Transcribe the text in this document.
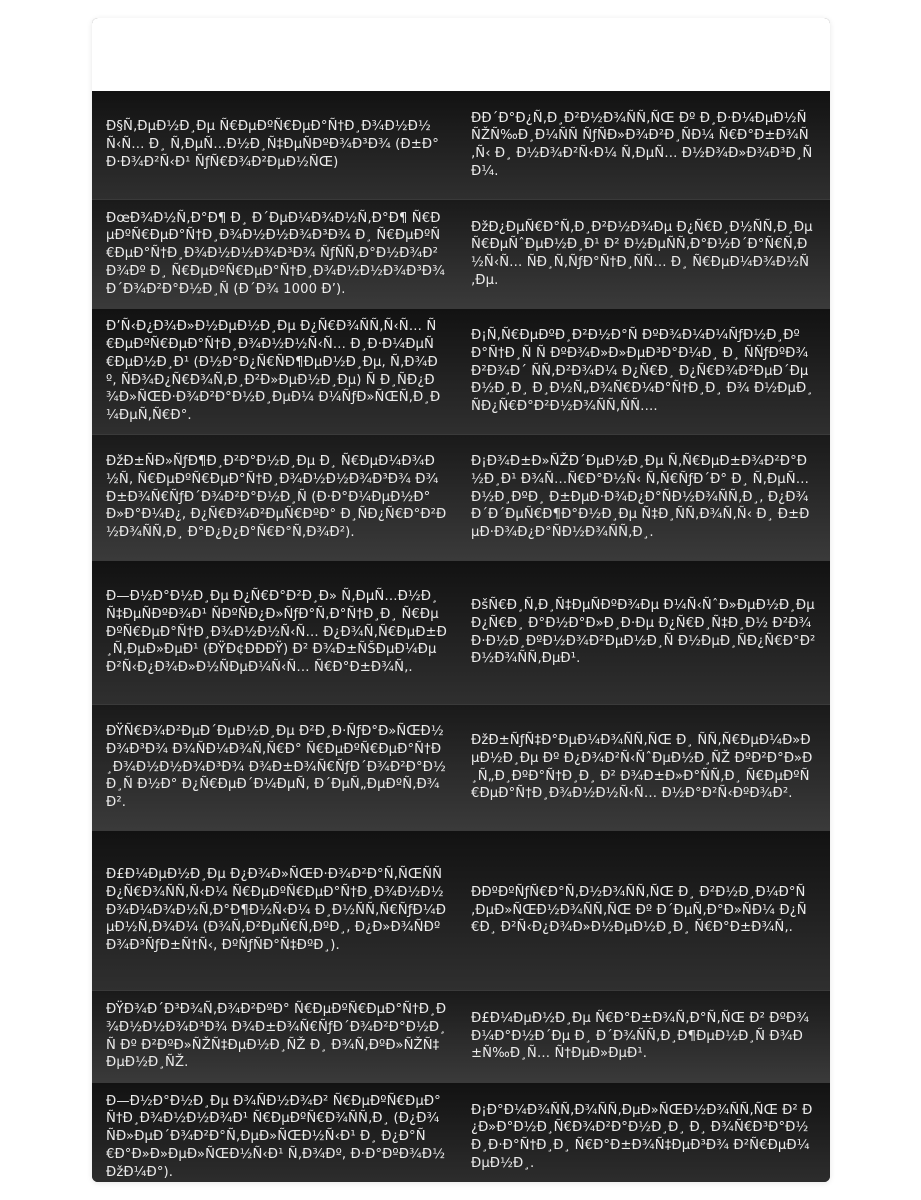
Ð§Ñ‚ÐµÐ½Ð¸Ðµ Ñ€ÐµÐºÑ€ÐµÐ°Ñ†Ð¸Ð¾Ð½Ð½Ñ‹Ñ… Ð¸ Ñ‚ÐµÑ…Ð½Ð¸Ñ‡ÐµÑÐºÐ¾Ð³Ð¾ (Ð±Ð°Ð·Ð¾Ð²Ñ‹Ð¹ ÑƒÑ€Ð¾Ð²ÐµÐ½ÑŒ)
ÐÐ´Ð°Ð¿Ñ‚Ð¸Ð²Ð½Ð¾ÑÑ‚ÑŒ Ðº Ð¸Ð·Ð¼ÐµÐ½ÑÑŽÑ‰Ð¸Ð¼ÑÑ ÑƒÑÐ»Ð¾Ð²Ð¸ÑÐ¼ Ñ€Ð°Ð±Ð¾Ñ‚Ñ‹ Ð¸ Ð½Ð¾Ð²Ñ‹Ð¼ Ñ‚ÐµÑ… Ð½Ð¾Ð»Ð¾Ð³Ð¸ÑÐ¼.
ÐœÐ¾Ð½Ñ‚Ð°Ð¶ Ð¸ Ð´ÐµÐ¼Ð¾Ð½Ñ‚Ð°Ð¶ Ñ€ÐµÐºÑ€ÐµÐ°Ñ†Ð¸Ð¾Ð½Ð½Ð¾Ð³Ð¾ Ð¸ Ñ€ÐµÐºÑ€ÐµÐ°Ñ†Ð¸Ð¾Ð½Ð½Ð¾Ð³Ð¾ ÑƒÑÑ‚Ð°Ð½Ð¾Ð²Ð¾Ðº Ð¸ Ñ€ÐµÐºÑ€ÐµÐ°Ñ†Ð¸Ð¾Ð½Ð½Ð¾Ð³Ð¾ Ð´Ð¾Ð²Ð°Ð½Ð¸Ñ (Ð´Ð¾ 1000 Ð’).
ÐžÐ¿ÐµÑ€Ð°Ñ‚Ð¸Ð²Ð½Ð¾Ðµ Ð¿Ñ€Ð¸Ð½ÑÑ‚Ð¸Ðµ Ñ€ÐµÑˆÐµÐ½Ð¸Ð¹ Ð² Ð½ÐµÑÑ‚Ð°Ð½Ð´Ð°Ñ€Ñ‚Ð½Ñ‹Ñ… ÑÐ¸Ñ‚ÑƒÐ°Ñ†Ð¸ÑÑ… Ð¸ Ñ€ÐµÐ¼Ð¾Ð½Ñ‚Ðµ.
Ð’Ñ‹Ð¿Ð¾Ð»Ð½ÐµÐ½Ð¸Ðµ Ð¿Ñ€Ð¾ÑÑ‚Ñ‹Ñ… Ñ€ÐµÐºÑ€ÐµÐ°Ñ†Ð¸Ð¾Ð½Ð½Ñ‹Ñ… Ð¸Ð·Ð¼ÐµÑ€ÐµÐ½Ð¸Ð¹ (Ð½Ð°Ð¿Ñ€ÑÐ¶ÐµÐ½Ð¸Ðµ, Ñ‚Ð¾Ðº, ÑÐ¾Ð¿Ñ€Ð¾Ñ‚Ð¸Ð²Ð»ÐµÐ½Ð¸Ðµ) Ñ Ð¸ÑÐ¿Ð¾Ð»ÑŒÐ·Ð¾Ð²Ð°Ð½Ð¸ÐµÐ¼ Ð¼ÑƒÐ»ÑŒÑ‚Ð¸Ð¼ÐµÑ‚Ñ€Ð°.
Ð¡Ñ‚Ñ€ÐµÐºÐ¸Ð²Ð½Ð°Ñ ÐºÐ¾Ð¼Ð¼ÑƒÐ½Ð¸ÐºÐ°Ñ†Ð¸Ñ Ñ ÐºÐ¾Ð»Ð»ÐµÐ³Ð°Ð¼Ð¸ Ð¸ ÑÑƒÐºÐ¾Ð²Ð¾Ð´ ÑÑ‚Ð²Ð¾Ð¼ Ð¿Ñ€Ð¸ Ð¿Ñ€Ð¾Ð²ÐµÐ´ÐµÐ½Ð¸Ð¸ Ð¸Ð½Ñ„Ð¾Ñ€Ð¼Ð°Ñ†Ð¸Ð¸ Ð¾ Ð½ÐµÐ¸ÑÐ¿Ñ€Ð°Ð²Ð½Ð¾ÑÑ‚ÑÑ….
ÐžÐ±ÑÐ»ÑƒÐ¶Ð¸Ð²Ð°Ð½Ð¸Ðµ Ð¸ Ñ€ÐµÐ¼Ð¾Ð½Ñ‚ Ñ€ÐµÐºÑ€ÐµÐ°Ñ†Ð¸Ð¾Ð½Ð½Ð¾Ð³Ð¾ Ð¾Ð±Ð¾Ñ€ÑƒÐ´Ð¾Ð²Ð°Ð½Ð¸Ñ (Ð·Ð°Ð¼ÐµÐ½Ð° Ð»Ð°Ð¼Ð¿, Ð¿Ñ€Ð¾Ð²ÐµÑ€ÐºÐ° Ð¸ÑÐ¿Ñ€Ð°Ð²Ð½Ð¾ÑÑ‚Ð¸ Ð°Ð¿Ð¿Ð°Ñ€Ð°Ñ‚Ð¾Ð²).
Ð¡Ð¾Ð±Ð»ÑŽÐ´ÐµÐ½Ð¸Ðµ Ñ‚Ñ€ÐµÐ±Ð¾Ð²Ð°Ð½Ð¸Ð¹ Ð¾Ñ…Ñ€Ð°Ð½Ñ‹ Ñ‚Ñ€ÑƒÐ´Ð° Ð¸ Ñ‚ÐµÑ…Ð½Ð¸ÐºÐ¸ Ð±ÐµÐ·Ð¾Ð¿Ð°ÑÐ½Ð¾ÑÑ‚Ð¸, Ð¿Ð¾Ð´Ð´ÐµÑ€Ð¶Ð°Ð½Ð¸Ðµ Ñ‡Ð¸ÑÑ‚Ð¾Ñ‚Ñ‹ Ð¸ Ð±ÐµÐ·Ð¾Ð¿Ð°ÑÐ½Ð¾ÑÑ‚Ð¸.
Ð—Ð½Ð°Ð½Ð¸Ðµ Ð¿Ñ€Ð°Ð²Ð¸Ð» Ñ‚ÐµÑ…Ð½Ð¸Ñ‡ÐµÑÐºÐ¾Ð¹ ÑÐºÑÐ¿Ð»ÑƒÐ°Ñ‚Ð°Ñ†Ð¸Ð¸ Ñ€ÐµÐºÑ€ÐµÐ°Ñ†Ð¸Ð¾Ð½Ð½Ñ‹Ñ… Ð¿Ð¾Ñ‚Ñ€ÐµÐ±Ð¸Ñ‚ÐµÐ»ÐµÐ¹ (ÐŸÐ¢ÐÐÐŸ) Ð² Ð¾Ð±ÑŠÐµÐ¼Ðµ Ð²Ñ‹Ð¿Ð¾Ð»Ð½ÑÐµÐ¼Ñ‹Ñ… Ñ€Ð°Ð±Ð¾Ñ‚.
ÐšÑ€Ð¸Ñ‚Ð¸Ñ‡ÐµÑÐºÐ¾Ðµ Ð¼Ñ‹ÑˆÐ»ÐµÐ½Ð¸Ðµ Ð¿Ñ€Ð¸ Ð°Ð½Ð°Ð»Ð¸Ð·Ðµ Ð¿Ñ€Ð¸Ñ‡Ð¸Ð½ Ð²Ð¾Ð·Ð½Ð¸ÐºÐ½Ð¾Ð²ÐµÐ½Ð¸Ñ Ð½ÐµÐ¸ÑÐ¿Ñ€Ð°Ð²Ð½Ð¾ÑÑ‚ÐµÐ¹.
ÐŸÑ€Ð¾Ð²ÐµÐ´ÐµÐ½Ð¸Ðµ Ð²Ð¸Ð·ÑƒÐ°Ð»ÑŒÐ½Ð¾Ð³Ð¾ Ð¾ÑÐ¼Ð¾Ñ‚Ñ€Ð° Ñ€ÐµÐºÑ€ÐµÐ°Ñ†Ð¸Ð¾Ð½Ð½Ð¾Ð³Ð¾ Ð¾Ð±Ð¾Ñ€ÑƒÐ´Ð¾Ð²Ð°Ð½Ð¸Ñ Ð½Ð° Ð¿Ñ€ÐµÐ´Ð¼ÐµÑ‚ Ð´ÐµÑ„ÐµÐºÑ‚Ð¾Ð².
ÐžÐ±ÑƒÑ‡Ð°ÐµÐ¼Ð¾ÑÑ‚ÑŒ Ð¸ ÑÑ‚Ñ€ÐµÐ¼Ð»ÐµÐ½Ð¸Ðµ Ðº Ð¿Ð¾Ð²Ñ‹ÑˆÐµÐ½Ð¸ÑŽ ÐºÐ²Ð°Ð»Ð¸Ñ„Ð¸ÐºÐ°Ñ†Ð¸Ð¸ Ð² Ð¾Ð±Ð»Ð°ÑÑ‚Ð¸ Ñ€ÐµÐºÑ€ÐµÐ°Ñ†Ð¸Ð¾Ð½Ð½Ñ‹Ñ… Ð½Ð°Ð²Ñ‹ÐºÐ¾Ð².
Ð£Ð¼ÐµÐ½Ð¸Ðµ Ð¿Ð¾Ð»ÑŒÐ·Ð¾Ð²Ð°Ñ‚ÑŒÑÑ Ð¿Ñ€Ð¾ÑÑ‚Ñ‹Ð¼ Ñ€ÐµÐºÑ€ÐµÐ°Ñ†Ð¸Ð¾Ð½Ð½Ð¾Ð¼Ð¾Ð½Ñ‚Ð°Ð¶Ð½Ñ‹Ð¼ Ð¸Ð½ÑÑ‚Ñ€ÑƒÐ¼ÐµÐ½Ñ‚Ð¾Ð¼ (Ð¾Ñ‚Ð²ÐµÑ€Ñ‚ÐºÐ¸, Ð¿Ð»Ð¾ÑÐºÐ¾Ð³ÑƒÐ±Ñ†Ñ‹, ÐºÑƒÑÐ°Ñ‡ÐºÐ¸).
ÐÐºÐºÑƒÑ€Ð°Ñ‚Ð½Ð¾ÑÑ‚ÑŒ Ð¸ Ð²Ð½Ð¸Ð¼Ð°Ñ‚ÐµÐ»ÑŒÐ½Ð¾ÑÑ‚ÑŒ Ðº Ð´ÐµÑ‚Ð°Ð»ÑÐ¼ Ð¿Ñ€Ð¸ Ð²Ñ‹Ð¿Ð¾Ð»Ð½ÐµÐ½Ð¸Ð¸ Ñ€Ð°Ð±Ð¾Ñ‚.
ÐŸÐ¾Ð´Ð³Ð¾Ñ‚Ð¾Ð²ÐºÐ° Ñ€ÐµÐºÑ€ÐµÐ°Ñ†Ð¸Ð¾Ð½Ð½Ð¾Ð³Ð¾ Ð¾Ð±Ð¾Ñ€ÑƒÐ´Ð¾Ð²Ð°Ð½Ð¸Ñ Ðº Ð²ÐºÐ»ÑŽÑ‡ÐµÐ½Ð¸ÑŽ Ð¸ Ð¾Ñ‚ÐºÐ»ÑŽÑ‡ÐµÐ½Ð¸ÑŽ.
Ð£Ð¼ÐµÐ½Ð¸Ðµ Ñ€Ð°Ð±Ð¾Ñ‚Ð°Ñ‚ÑŒ Ð² ÐºÐ¾Ð¼Ð°Ð½Ð´Ðµ Ð¸ Ð´Ð¾ÑÑ‚Ð¸Ð¶ÐµÐ½Ð¸Ñ Ð¾Ð±Ñ‰Ð¸Ñ… Ñ†ÐµÐ»ÐµÐ¹.
Ð—Ð½Ð°Ð½Ð¸Ðµ Ð¾ÑÐ½Ð¾Ð² Ñ€ÐµÐºÑ€ÐµÐ°Ñ†Ð¸Ð¾Ð½Ð½Ð¾Ð¹ Ñ€ÐµÐºÑ€Ð¾ÑÑ‚Ð¸ (Ð¿Ð¾ÑÐ»ÐµÐ´Ð¾Ð²Ð°Ñ‚ÐµÐ»ÑŒÐ½Ñ‹Ð¹ Ð¸ Ð¿Ð°Ñ€Ð°Ð»Ð»ÐµÐ»ÑŒÐ½Ñ‹Ð¹ Ñ‚Ð¾Ðº, Ð·Ð°ÐºÐ¾Ð½ ÐžÐ¼Ð°).
Ð¡Ð°Ð¼Ð¾ÑÑ‚Ð¾ÑÑ‚ÐµÐ»ÑŒÐ½Ð¾ÑÑ‚ÑŒ Ð² Ð¿Ð»Ð°Ð½Ð¸Ñ€Ð¾Ð²Ð°Ð½Ð¸Ð¸ Ð¸ Ð¾Ñ€Ð³Ð°Ð½Ð¸Ð·Ð°Ñ†Ð¸Ð¸ Ñ€Ð°Ð±Ð¾Ñ‡ÐµÐ³Ð¾ Ð²Ñ€ÐµÐ¼ÐµÐ½Ð¸.
